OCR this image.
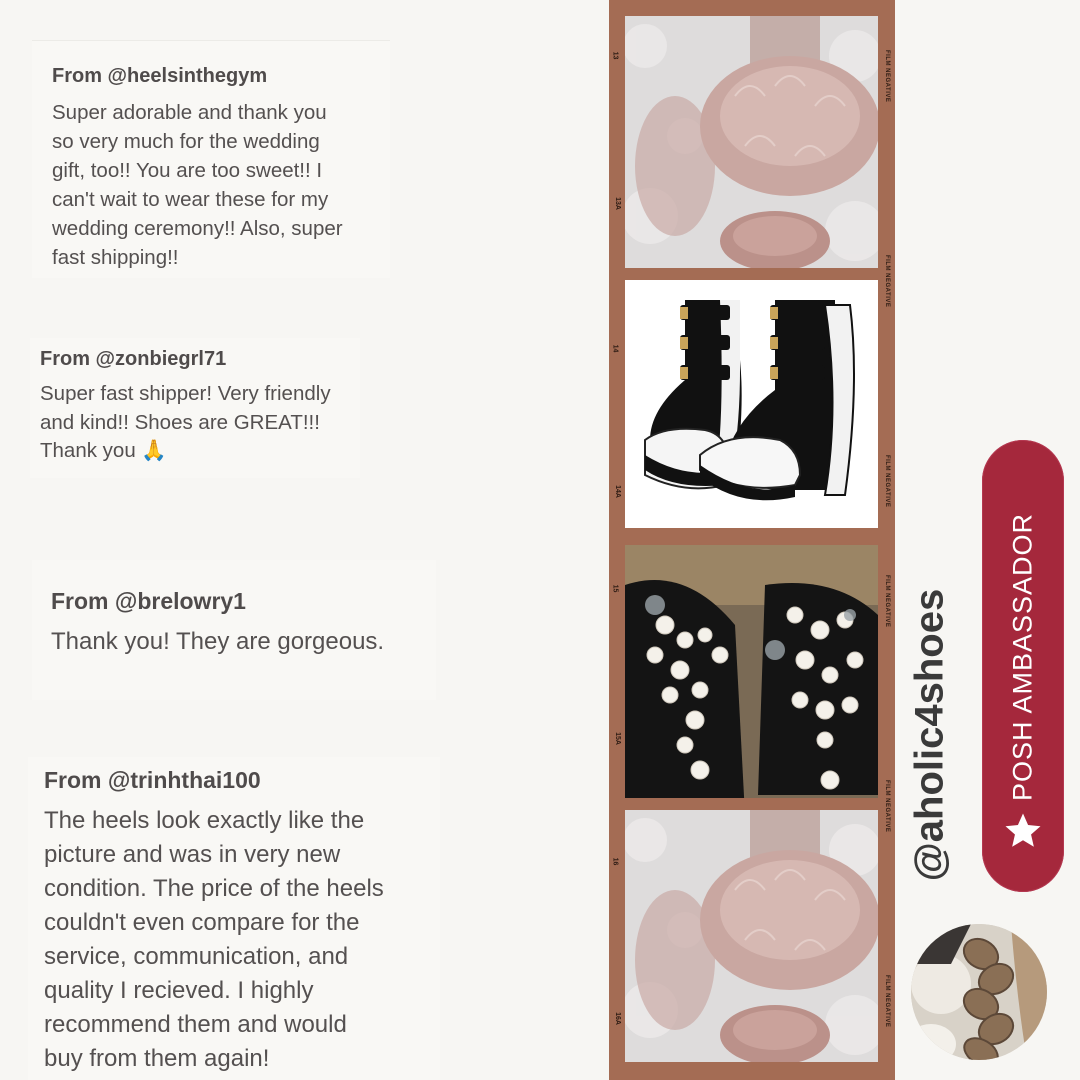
From @heelsinthegym
Super adorable and thank you
so very much for the wedding
gift, too!! You are too sweet!! I
can't wait to wear these for my
wedding ceremony!! Also, super
fast shipping!!
From @zonbiegrl71
Super fast shipper! Very friendly
and kind!! Shoes are GREAT!!!
Thank you 🙏
From @brelowry1
Thank you! They are gorgeous.
From @trinhthai100
The heels look exactly like the
picture and was in very new
condition. The price of the heels
couldn't even compare for the
service, communication, and
quality I recieved. I highly
recommend them and would
buy from them again!
13
13A
14
14A
15
15A
16
16A
FILM NEGATIVE
FILM NEGATIVE
FILM NEGATIVE
FILM NEGATIVE
FILM NEGATIVE
FILM NEGATIVE
@aholic4shoes POSH AMBASSADOR
